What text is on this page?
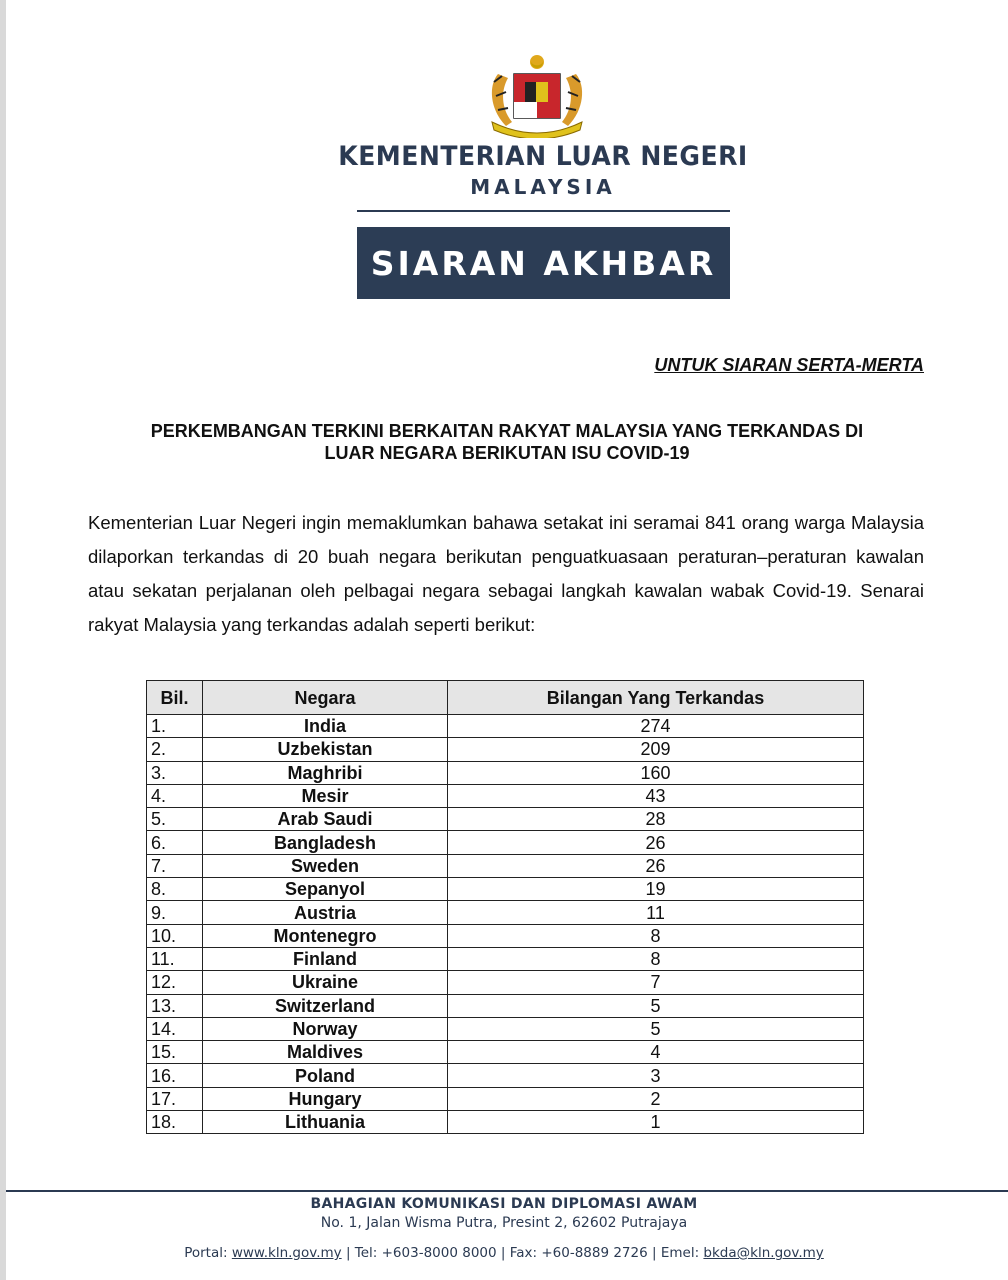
KEMENTERIAN LUAR NEGERI
MALAYSIA
SIARAN AKHBAR
UNTUK SIARAN SERTA-MERTA
PERKEMBANGAN TERKINI BERKAITAN RAKYAT MALAYSIA YANG TERKANDAS DI
LUAR NEGARA BERIKUTAN ISU COVID-19
Kementerian Luar Negeri ingin memaklumkan bahawa setakat ini seramai 841 orang warga Malaysia dilaporkan terkandas di 20 buah negara berikutan penguatkuasaan peraturan–peraturan kawalan atau sekatan perjalanan oleh pelbagai negara sebagai langkah kawalan wabak Covid-19. Senarai rakyat Malaysia yang terkandas adalah seperti berikut:
Bil.	Negara	Bilangan Yang Terkandas
1.	India	274
2.	Uzbekistan	209
3.	Maghribi	160
4.	Mesir	43
5.	Arab Saudi	28
6.	Bangladesh	26
7.	Sweden	26
8.	Sepanyol	19
9.	Austria	11
10.	Montenegro	8
11.	Finland	8
12.	Ukraine	7
13.	Switzerland	5
14.	Norway	5
15.	Maldives	4
16.	Poland	3
17.	Hungary	2
18.	Lithuania	1
BAHAGIAN KOMUNIKASI DAN DIPLOMASI AWAM
No. 1, Jalan Wisma Putra, Presint 2, 62602 Putrajaya
Portal: www.kln.gov.my | Tel: +603-8000 8000 | Fax: +60-8889 2726 | Emel: bkda@kln.gov.my
